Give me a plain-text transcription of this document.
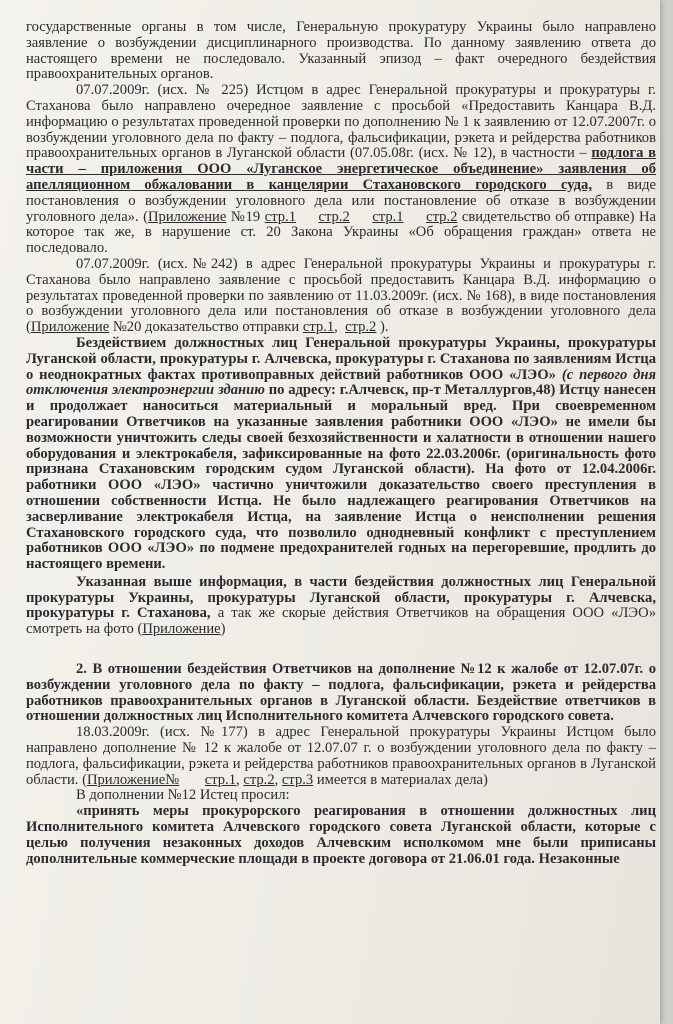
государственные органы в том числе, Генеральную прокуратуру Украины было направлено заявление о возбуждении дисциплинарного производства. По данному заявлению ответа до настоящего времени не последовало. Указанный эпизод – факт очередного бездействия правоохранительных органов.

07.07.2009г. (исх. № 225) Истцом в адрес Генеральной прокуратуры и прокуратуры г. Стаханова было направлено очередное заявление с просьбой «Предоставить Канцара В.Д. информацию о результатах проведенной проверки по дополнению № 1 к заявлению от 12.07.2007г. о возбуждении уголовного дела по факту – подлога, фальсификации, рэкета и рейдерства работников правоохранительных органов в Луганской области (07.05.08г. (исх. № 12), в частности – подлога в части – приложения ООО «Луганское энергетическое объединение» заявления об апелляционном обжаловании в канцелярии Стахановского городского суда, в виде постановления о возбуждении уголовного дела или постановление об отказе в возбуждении уголовного дела». (Приложение №19 стр.1 стр.2 стр.1 стр.2 свидетельство об отправке) На которое так же, в нарушение ст. 20 Закона Украины «Об обращения граждан» ответа не последовало.

07.07.2009г. (исх.№242) в адрес Генеральной прокуратуры Украины и прокуратуры г. Стаханова было направлено заявление с просьбой предоставить Канцара В.Д. информацию о результатах проведенной проверки по заявлению от 11.03.2009г. (исх. № 168), в виде постановления о возбуждении уголовного дела или постановления об отказе в возбуждении уголовного дела (Приложение №20 доказательство отправки стр.1,  стр.2 ).

Бездействием должностных лиц Генеральной прокуратуры Украины, прокуратуры Луганской области, прокуратуры г. Алчевска, прокуратуры г. Стаханова по заявлениям Истца о неоднократных фактах противоправных действий работников ООО «ЛЭО» (с первого дня отключения электроэнергии зданию по адресу: г.Алчевск, пр-т Металлургов,48) Истцу нанесен и продолжает наноситься материальный и моральный вред. При своевременном реагировании Ответчиков на указанные заявления работники ООО «ЛЭО» не имели бы возможности уничтожить следы своей безхозяйственности и халатности в отношении нашего оборудования и электрокабеля, зафиксированные на фото 22.03.2006г. (оригинальность фото признана Стахановским городским судом Луганской области). На фото от 12.04.2006г. работники ООО «ЛЭО» частично уничтожили доказательство своего преступления в отношении собственности Истца. Не было надлежащего реагирования Ответчиков на засверливание электрокабеля Истца, на заявление Истца о неисполнении решения Стахановского городского суда, что позволило однодневный конфликт с преступлением работников ООО «ЛЭО» по подмене предохранителей годных на перегоревшие, продлить до настоящего времени.

Указанная выше информация, в части бездействия должностных лиц Генеральной прокуратуры Украины, прокуратуры Луганской области, прокуратуры г. Алчевска, прокуратуры г. Стаханова, а так же скорые действия Ответчиков на обращения ООО «ЛЭО» смотреть на фото (Приложение)

2. В отношении бездействия Ответчиков на дополнение №12 к жалобе от 12.07.07г. о возбуждении уголовного дела по факту – подлога, фальсификации, рэкета и рейдерства работников правоохранительных органов в Луганской области. Бездействие ответчиков в отношении должностных лиц Исполнительного комитета Алчевского городского совета.

18.03.2009г. (исх. №177) в адрес Генеральной прокуратуры Украины Истцом было направлено дополнение № 12 к жалобе от 12.07.07 г. о возбуждении уголовного дела по факту – подлога, фальсификации, рэкета и рейдерства работников правоохранительных органов в Луганской области. (Приложение№ стр.1, стр.2, стр.3 имеется в материалах дела)

В дополнении №12 Истец просил:

«принять меры прокурорского реагирования в отношении должностных лиц Исполнительного комитета Алчевского городского совета Луганской области, которые с целью получения незаконных доходов Алчевским исполкомом мне были приписаны дополнительные коммерческие площади в проекте договора от 21.06.01 года. Незаконные
